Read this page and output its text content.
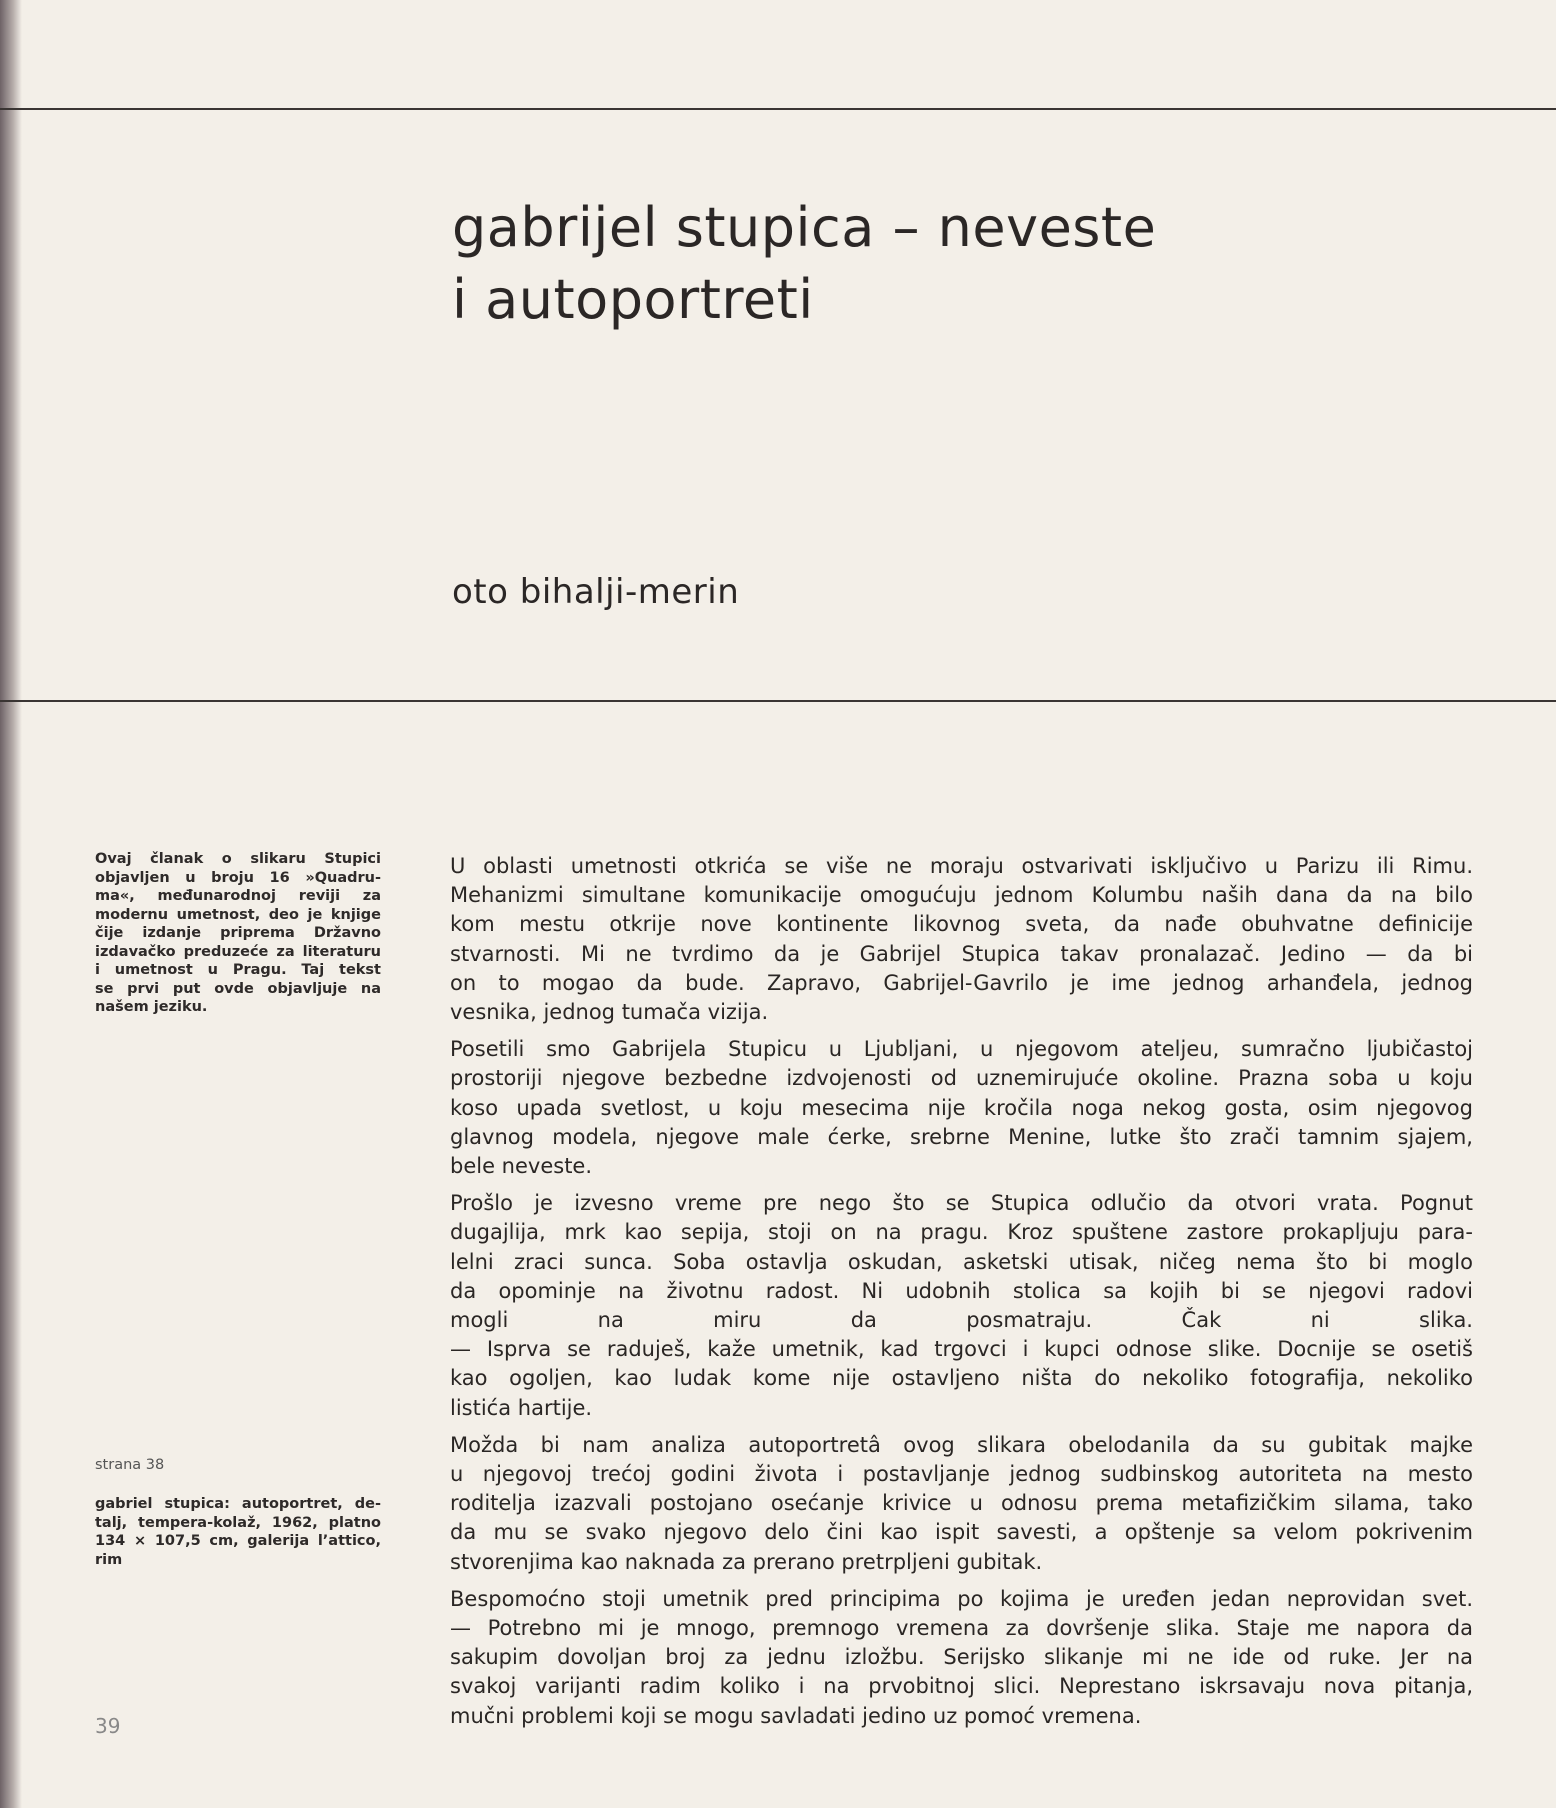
gabrijel stupica – neveste
i autoportreti
oto bihalji-merin
Ovaj članak o slikaru Stupici
objavljen u broju 16 »Quadru-
ma«, međunarodnoj reviji za
modernu umetnost, deo je knjige
čije izdanje priprema Državno
izdavačko preduzeće za literaturu
i umetnost u Pragu. Taj tekst
se prvi put ovde objavljuje na
našem jeziku.
strana 38
gabriel stupica: autoportret, de-
talj, tempera-kolaž, 1962, platno
134 × 107,5 cm, galerija l’attico,
rim
39
U oblasti umetnosti otkrića se više ne moraju ostvarivati isključivo u Parizu ili Rimu.
Mehanizmi simultane komunikacije omogućuju jednom Kolumbu naših dana da na bilo
kom mestu otkrije nove kontinente likovnog sveta, da nađe obuhvatne definicije
stvarnosti. Mi ne tvrdimo da je Gabrijel Stupica takav pronalazač. Jedino — da bi
on to mogao da bude. Zapravo, Gabrijel-Gavrilo je ime jednog arhanđela, jednog
vesnika, jednog tumača vizija.
Posetili smo Gabrijela Stupicu u Ljubljani, u njegovom ateljeu, sumračno ljubičastoj
prostoriji njegove bezbedne izdvojenosti od uznemirujuće okoline. Prazna soba u koju
koso upada svetlost, u koju mesecima nije kročila noga nekog gosta, osim njegovog
glavnog modela, njegove male ćerke, srebrne Menine, lutke što zrači tamnim sjajem,
bele neveste.
Prošlo je izvesno vreme pre nego što se Stupica odlučio da otvori vrata. Pognut
dugajlija, mrk kao sepija, stoji on na pragu. Kroz spuštene zastore prokapljuju para-
lelni zraci sunca. Soba ostavlja oskudan, asketski utisak, ničeg nema što bi moglo
da opominje na životnu radost. Ni udobnih stolica sa kojih bi se njegovi radovi
mogli na miru da posmatraju. Čak ni slika.
— Isprva se raduješ, kaže umetnik, kad trgovci i kupci odnose slike. Docnije se osetiš
kao ogoljen, kao ludak kome nije ostavljeno ništa do nekoliko fotografija, nekoliko
listića hartije.
Možda bi nam analiza autoportretâ ovog slikara obelodanila da su gubitak majke
u njegovoj trećoj godini života i postavljanje jednog sudbinskog autoriteta na mesto
roditelja izazvali postojano osećanje krivice u odnosu prema metafizičkim silama, tako
da mu se svako njegovo delo čini kao ispit savesti, a opštenje sa velom pokrivenim
stvorenjima kao naknada za prerano pretrpljeni gubitak.
Bespomoćno stoji umetnik pred principima po kojima je uređen jedan neprovidan svet.
— Potrebno mi je mnogo, premnogo vremena za dovršenje slika. Staje me napora da
sakupim dovoljan broj za jednu izložbu. Serijsko slikanje mi ne ide od ruke. Jer na
svakoj varijanti radim koliko i na prvobitnoj slici. Neprestano iskrsavaju nova pitanja,
mučni problemi koji se mogu savladati jedino uz pomoć vremena.
